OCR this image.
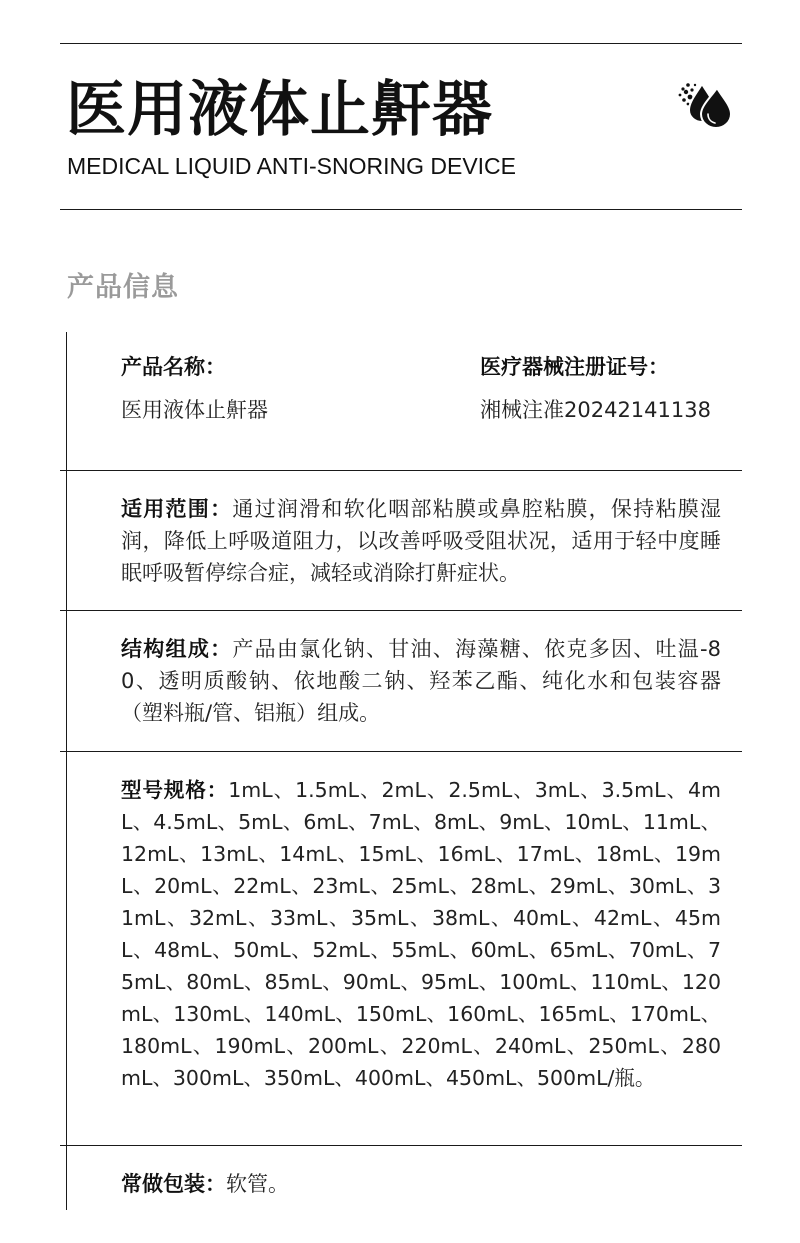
医用液体止鼾器
MEDICAL LIQUID ANTI-SNORING DEVICE
产品信息
产品名称：
医用液体止鼾器
医疗器械注册证号：
湘械注准20242141138
适用范围：通过润滑和软化咽部粘膜或鼻腔粘膜，保持粘膜湿润，降低上呼吸道阻力，以改善呼吸受阻状况，适用于轻中度睡眠呼吸暂停综合症，减轻或消除打鼾症状。
结构组成：产品由氯化钠、甘油、海藻糖、依克多因、吐温-80、透明质酸钠、依地酸二钠、羟苯乙酯、纯化水和包装容器（塑料瓶/管、铝瓶）组成。
型号规格：1mL、1.5mL、2mL、2.5mL、3mL、3.5mL、4mL、4.5mL、5mL、6mL、7mL、8mL、9mL、10mL、11mL、12mL、13mL、14mL、15mL、16mL、17mL、18mL、19mL、20mL、22mL、23mL、25mL、28mL、29mL、30mL、31mL、32mL、33mL、35mL、38mL、40mL、42mL、45mL、48mL、50mL、52mL、55mL、60mL、65mL、70mL、75mL、80mL、85mL、90mL、95mL、100mL、110mL、120mL、130mL、140mL、150mL、160mL、165mL、170mL、180mL、190mL、200mL、220mL、240mL、250mL、280mL、300mL、350mL、400mL、450mL、500mL/瓶。
常做包装：软管。
